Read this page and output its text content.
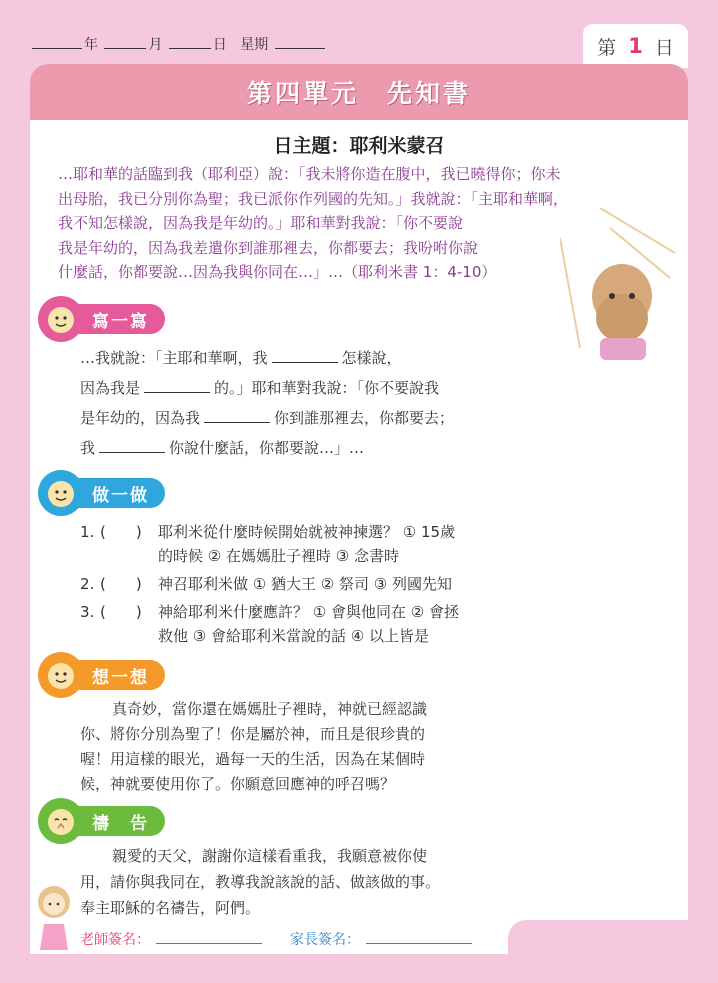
年	月	日 星期	第 1 日
第四單元　先知書
日主題：耶利米蒙召
…耶和華的話臨到我（耶利亞）說：「我未將你造在腹中，我已曉得你；你未
出母胎，我已分別你為聖；我已派你作列國的先知。」我就說：「主耶和華啊，
我不知怎樣說，因為我是年幼的。」耶和華對我說：「你不要說
我是年幼的，因為我差遣你到誰那裡去，你都要去；我吩咐你說
什麼話，你都要說…因為我與你同在…」…（耶利米書 1：4-10）
寫一寫
…我就說：「主耶和華啊，我	怎樣說，
因為我是	的。」耶和華對我說：「你不要說我
是年幼的，因為我	你到誰那裡去，你都要去；
我	你說什麼話，你都要說…」…
做一做
1. (　　) 耶利米從什麼時候開始就被神揀選？ ① 15歲
的時候 ② 在媽媽肚子裡時 ③ 念書時
2. (　　) 神召耶利米做 ① 猶大王 ② 祭司 ③ 列國先知
3. (　　) 神給耶利米什麼應許？ ① 會與他同在 ② 會拯
救他 ③ 會給耶利米當說的話 ④ 以上皆是
想一想
真奇妙，當你還在媽媽肚子裡時，神就已經認識
你、將你分別為聖了！你是屬於神，而且是很珍貴的
喔！用這樣的眼光，過每一天的生活，因為在某個時
候，神就要使用你了。你願意回應神的呼召嗎？
禱　告
親愛的天父，謝謝你這樣看重我，我願意被你使
用，請你與我同在，教導我說該說的話、做該做的事。
奉主耶穌的名禱告，阿們。
老師簽名：	家長簽名：
